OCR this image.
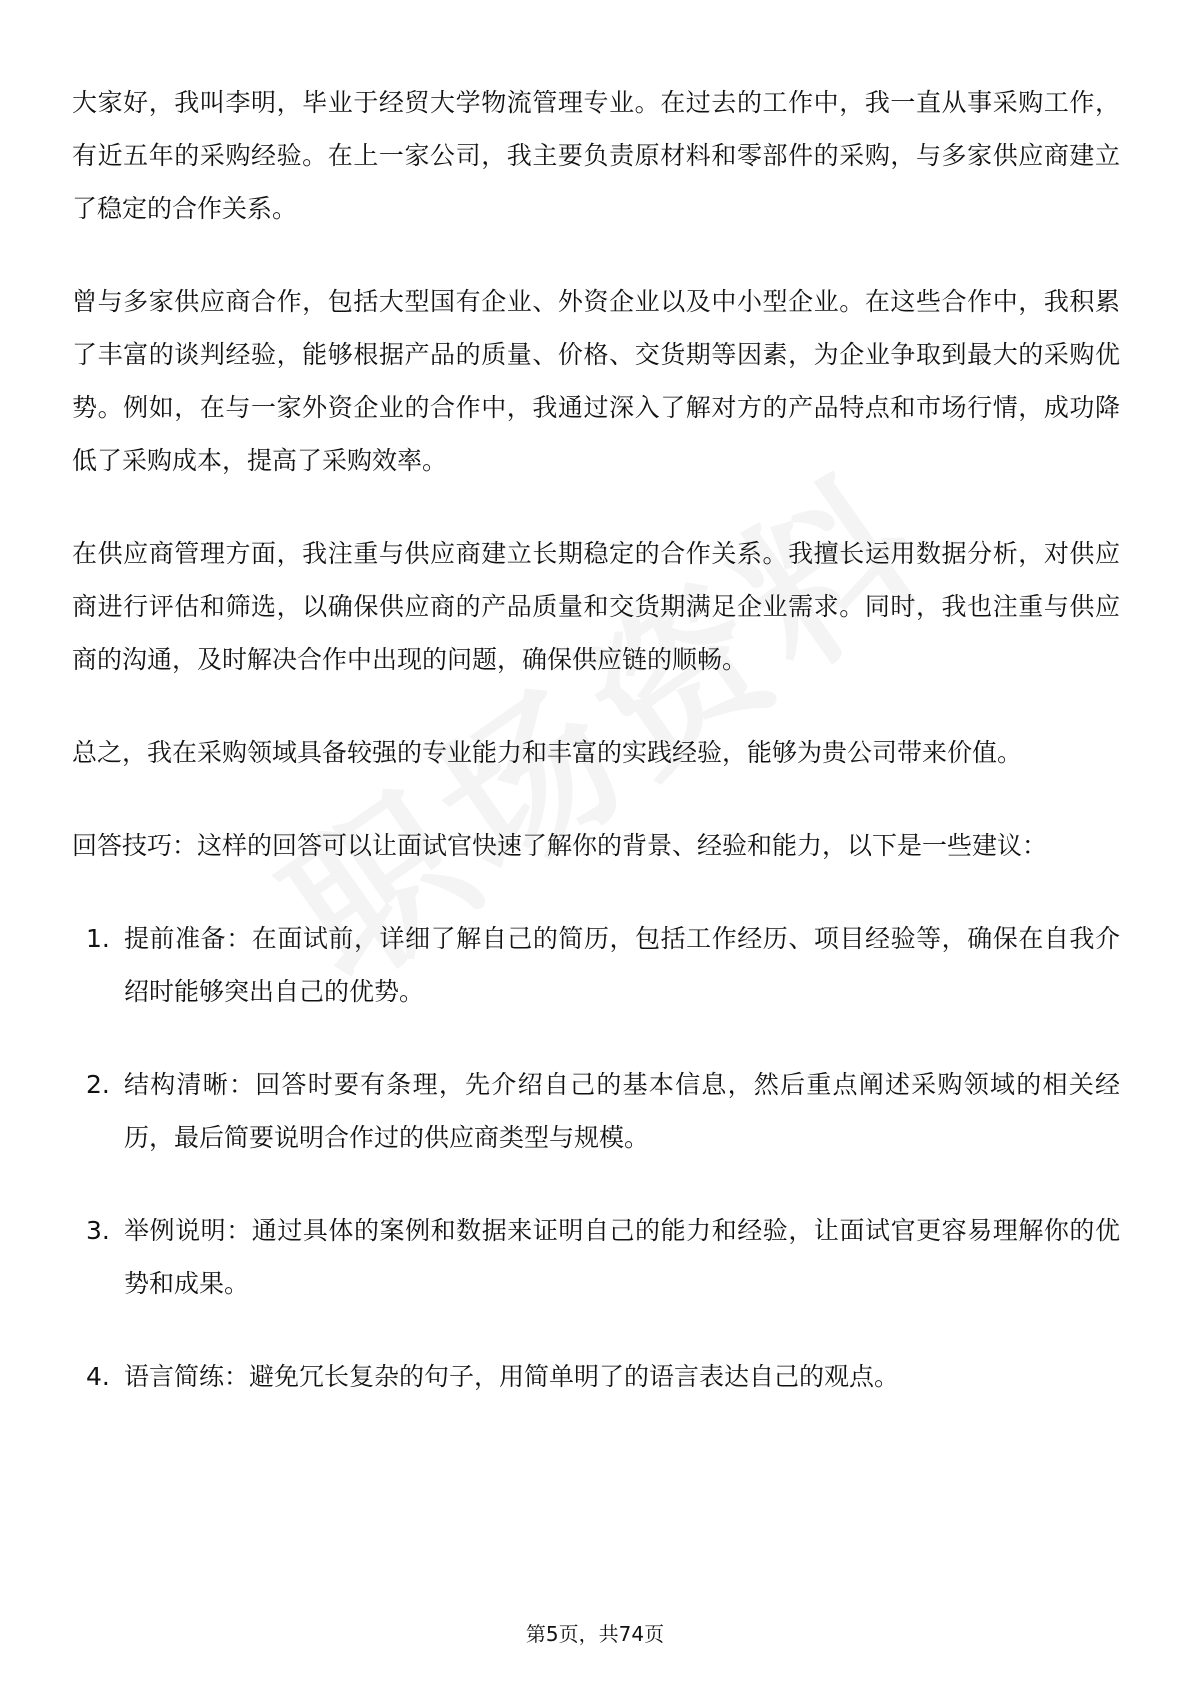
大家好，我叫李明，毕业于经贸大学物流管理专业。在过去的工作中，我一直从事采购工作，有近五年的采购经验。在上一家公司，我主要负责原材料和零部件的采购，与多家供应商建立了稳定的合作关系。

曾与多家供应商合作，包括大型国有企业、外资企业以及中小型企业。在这些合作中，我积累了丰富的谈判经验，能够根据产品的质量、价格、交货期等因素，为企业争取到最大的采购优势。例如，在与一家外资企业的合作中，我通过深入了解对方的产品特点和市场行情，成功降低了采购成本，提高了采购效率。

在供应商管理方面，我注重与供应商建立长期稳定的合作关系。我擅长运用数据分析，对供应商进行评估和筛选，以确保供应商的产品质量和交货期满足企业需求。同时，我也注重与供应商的沟通，及时解决合作中出现的问题，确保供应链的顺畅。

总之，我在采购领域具备较强的专业能力和丰富的实践经验，能够为贵公司带来价值。

回答技巧：这样的回答可以让面试官快速了解你的背景、经验和能力，以下是一些建议：

1. 提前准备：在面试前，详细了解自己的简历，包括工作经历、项目经验等，确保在自我介绍时能够突出自己的优势。
2. 结构清晰：回答时要有条理，先介绍自己的基本信息，然后重点阐述采购领域的相关经历，最后简要说明合作过的供应商类型与规模。
3. 举例说明：通过具体的案例和数据来证明自己的能力和经验，让面试官更容易理解你的优势和成果。
4. 语言简练：避免冗长复杂的句子，用简单明了的语言表达自己的观点。
第5页，共74页
